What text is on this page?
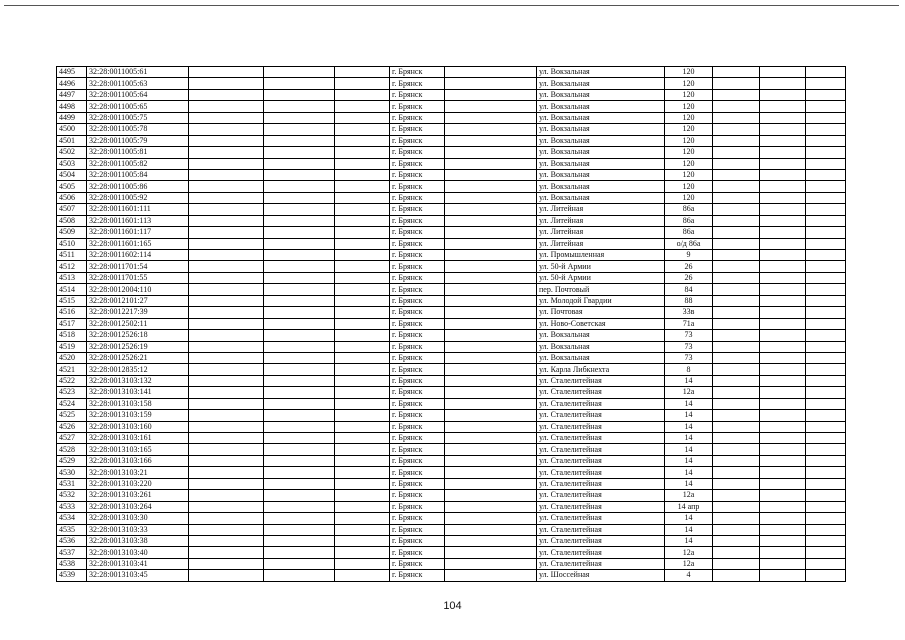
4495	32:28:0011005:61				г. Брянск		ул. Вокзальная	120			
4496	32:28:0011005:63				г. Брянск		ул. Вокзальная	120			
4497	32:28:0011005:64				г. Брянск		ул. Вокзальная	120			
4498	32:28:0011005:65				г. Брянск		ул. Вокзальная	120			
4499	32:28:0011005:75				г. Брянск		ул. Вокзальная	120			
4500	32:28:0011005:78				г. Брянск		ул. Вокзальная	120			
4501	32:28:0011005:79				г. Брянск		ул. Вокзальная	120			
4502	32:28:0011005:81				г. Брянск		ул. Вокзальная	120			
4503	32:28:0011005:82				г. Брянск		ул. Вокзальная	120			
4504	32:28:0011005:84				г. Брянск		ул. Вокзальная	120			
4505	32:28:0011005:86				г. Брянск		ул. Вокзальная	120			
4506	32:28:0011005:92				г. Брянск		ул. Вокзальная	120			
4507	32:28:0011601:111				г. Брянск		ул. Литейная	86а			
4508	32:28:0011601:113				г. Брянск		ул. Литейная	86а			
4509	32:28:0011601:117				г. Брянск		ул. Литейная	86а			
4510	32:28:0011601:165				г. Брянск		ул. Литейная	о/д 86а			
4511	32:28:0011602:114				г. Брянск		ул. Промышленная	9			
4512	32:28:0011701:54				г. Брянск		ул. 50-й Армии	26			
4513	32:28:0011701:55				г. Брянск		ул. 50-й Армии	26			
4514	32:28:0012004:110				г. Брянск		пер. Почтовый	84			
4515	32:28:0012101:27				г. Брянск		ул. Молодой Гвардии	88			
4516	32:28:0012217:39				г. Брянск		ул. Почтовая	33в			
4517	32:28:0012502:11				г. Брянск		ул. Ново-Советская	71а			
4518	32:28:0012526:18				г. Брянск		ул. Вокзальная	73			
4519	32:28:0012526:19				г. Брянск		ул. Вокзальная	73			
4520	32:28:0012526:21				г. Брянск		ул. Вокзальная	73			
4521	32:28:0012835:12				г. Брянск		ул. Карла Либкнехта	8			
4522	32:28:0013103:132				г. Брянск		ул. Сталелитейная	14			
4523	32:28:0013103:141				г. Брянск		ул. Сталелитейная	12а			
4524	32:28:0013103:158				г. Брянск		ул. Сталелитейная	14			
4525	32:28:0013103:159				г. Брянск		ул. Сталелитейная	14			
4526	32:28:0013103:160				г. Брянск		ул. Сталелитейная	14			
4527	32:28:0013103:161				г. Брянск		ул. Сталелитейная	14			
4528	32:28:0013103:165				г. Брянск		ул. Сталелитейная	14			
4529	32:28:0013103:166				г. Брянск		ул. Сталелитейная	14			
4530	32:28:0013103:21				г. Брянск		ул. Сталелитейная	14			
4531	32:28:0013103:220				г. Брянск		ул. Сталелитейная	14			
4532	32:28:0013103:261				г. Брянск		ул. Сталелитейная	12а			
4533	32:28:0013103:264				г. Брянск		ул. Сталелитейная	14 апр			
4534	32:28:0013103:30				г. Брянск		ул. Сталелитейная	14			
4535	32:28:0013103:33				г. Брянск		ул. Сталелитейная	14			
4536	32:28:0013103:38				г. Брянск		ул. Сталелитейная	14			
4537	32:28:0013103:40				г. Брянск		ул. Сталелитейная	12а			
4538	32:28:0013103:41				г. Брянск		ул. Сталелитейная	12а			
4539	32:28:0013103:45				г. Брянск		ул. Шоссейная	4			
104
